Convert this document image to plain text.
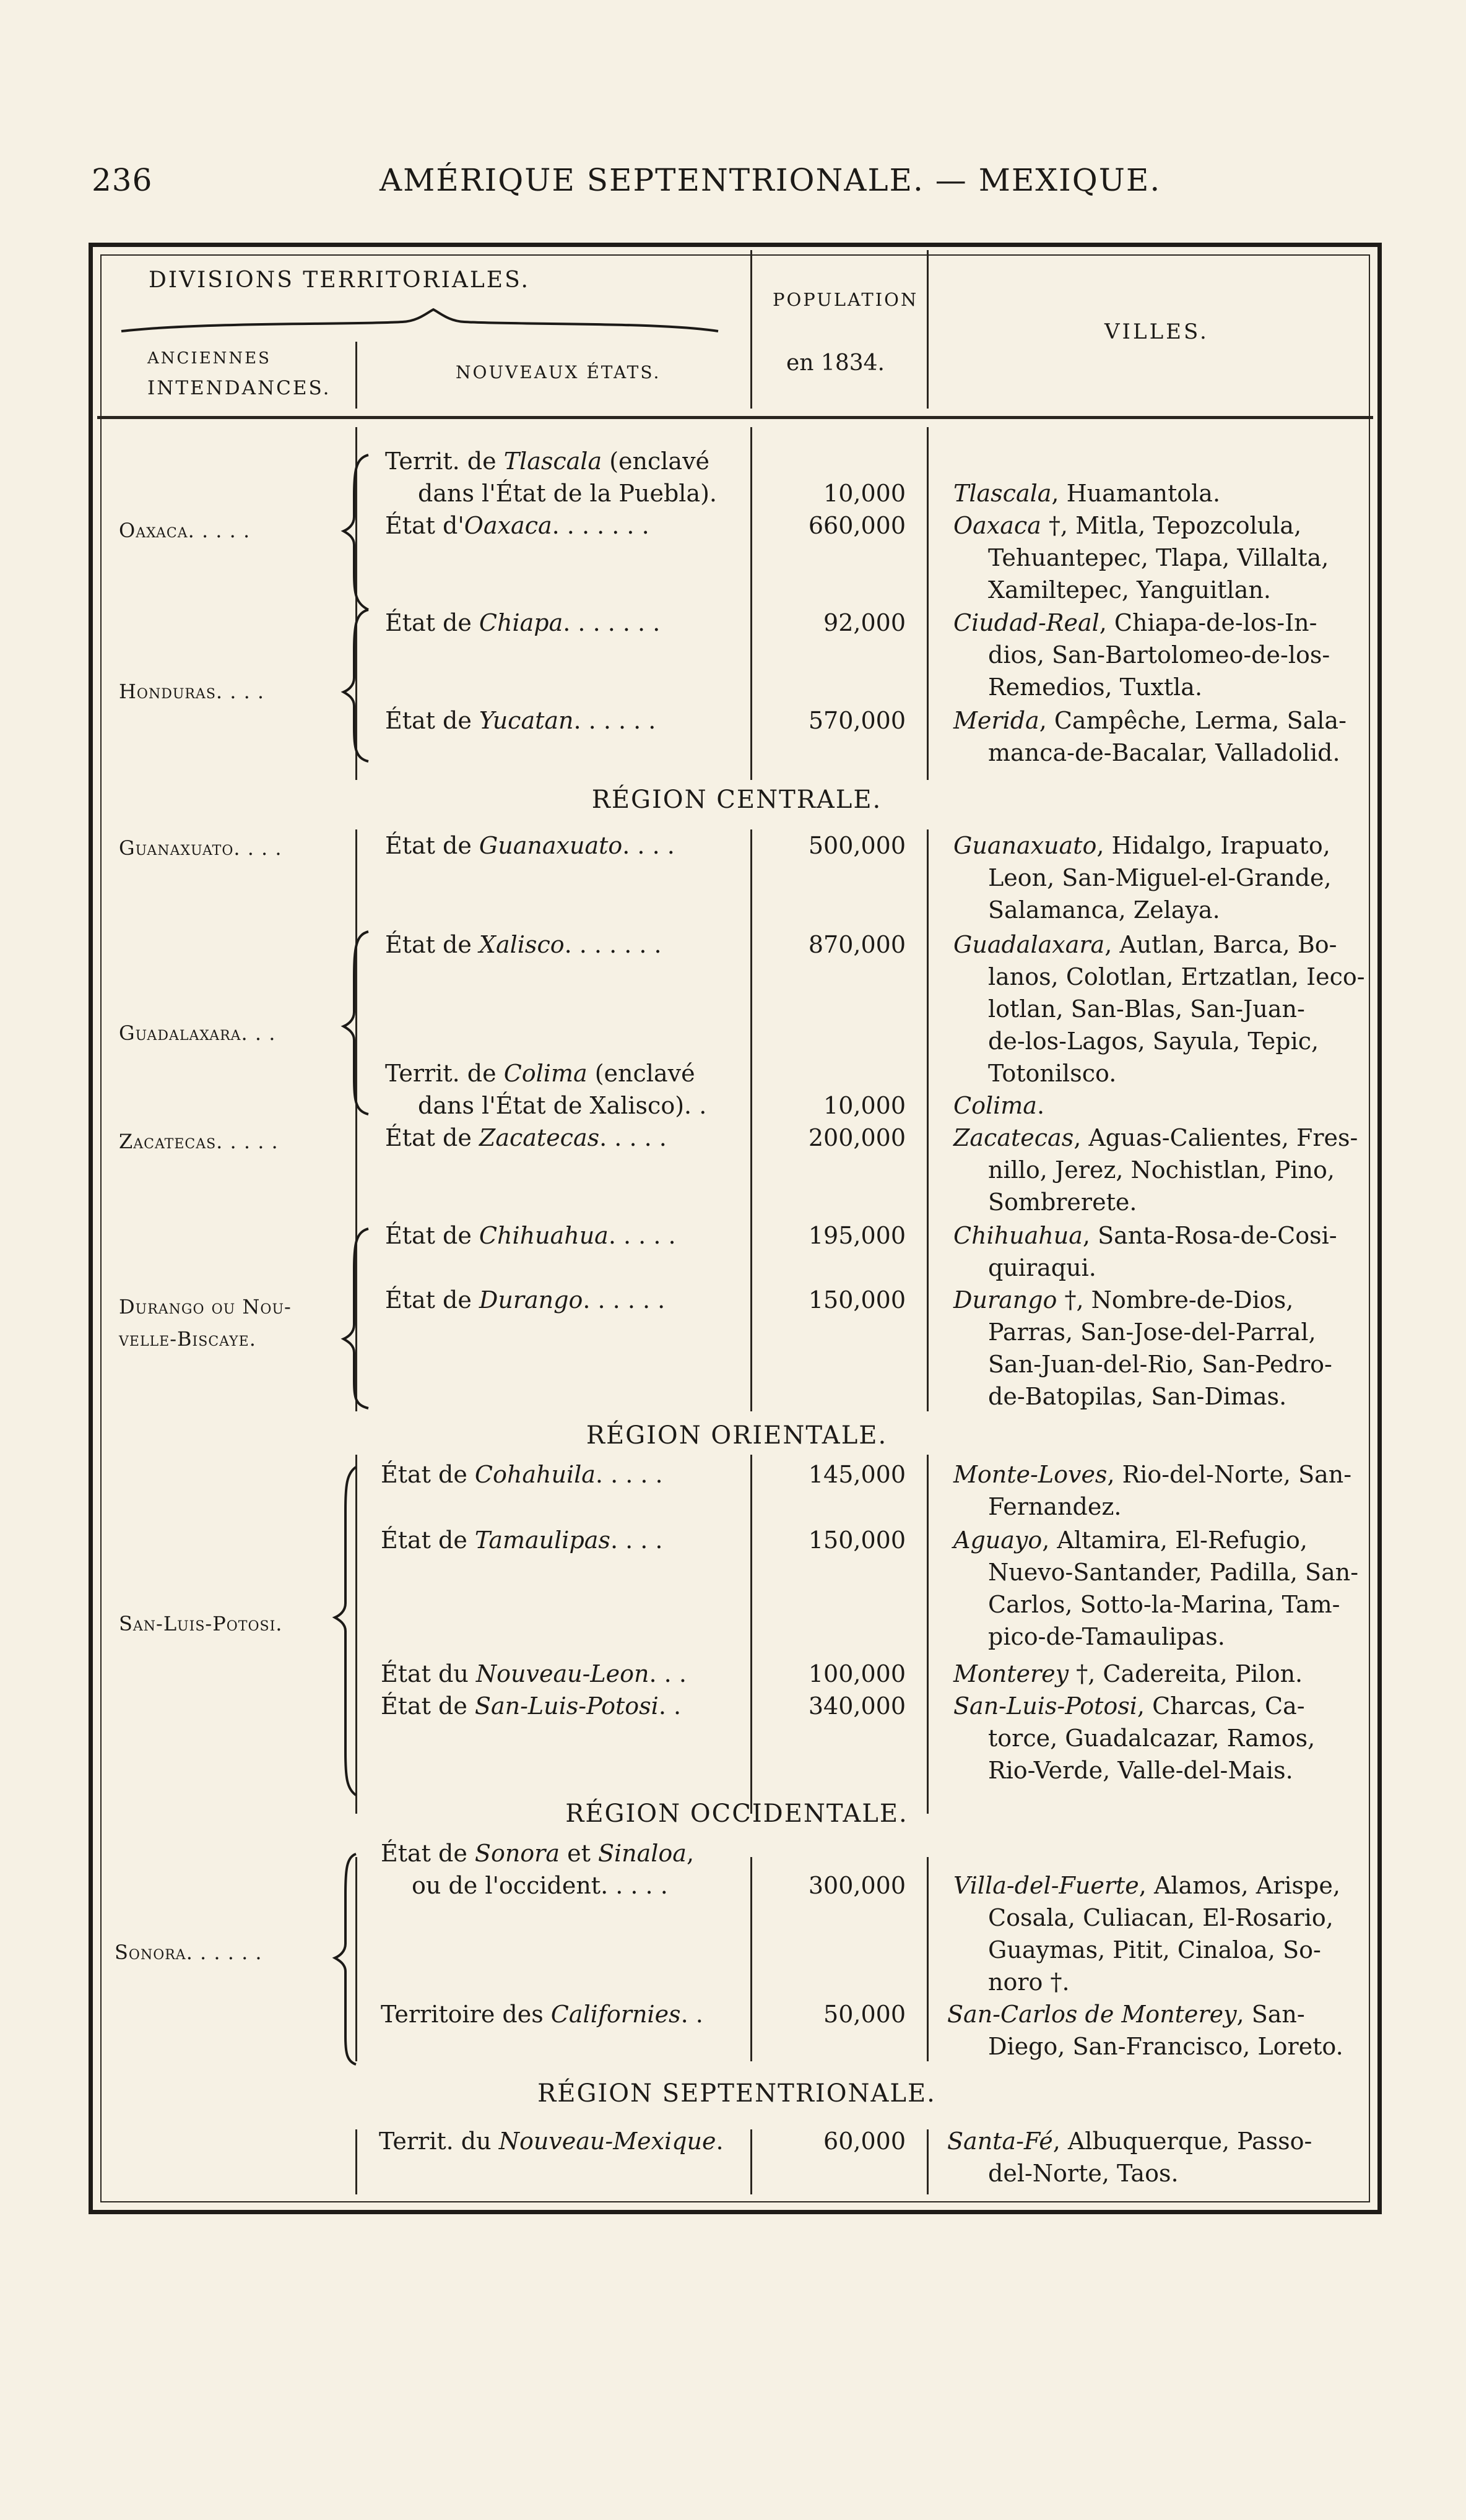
236	AMÉRIQUE SEPTENTRIONALE. — MEXIQUE.
DIVISIONS TERRITORIALES.
ANCIENNES
INTENDANCES.
NOUVEAUX ÉTATS.
POPULATION
en 1834.
VILLES.
Oaxaca. . . . .
Honduras. . . .
Territ. de Tlascala (enclavé
dans l'État de la Puebla).
État d'Oaxaca. . . . . . .
État de Chiapa. . . . . . .
État de Yucatan. . . . . .
10,000
660,000
92,000
570,000
Tlascala, Huamantola.
Oaxaca †, Mitla, Tepozcolula,
Tehuantepec, Tlapa, Villalta,
Xamiltepec, Yanguitlan.
Ciudad-Real, Chiapa-de-los-In-
dios, San-Bartolomeo-de-los-
Remedios, Tuxtla.
Merida, Campêche, Lerma, Sala-
manca-de-Bacalar, Valladolid.
RÉGION CENTRALE.
Guanaxuato. . . .
Guadalaxara. . .
Zacatecas. . . . .
Durango ou Nou-
velle-Biscaye.
État de Guanaxuato. . . .
État de Xalisco. . . . . . .
Territ. de Colima (enclavé
dans l'État de Xalisco). .
État de Zacatecas. . . . .
État de Chihuahua. . . . .
État de Durango. . . . . .
500,000
870,000
10,000
200,000
195,000
150,000
Guanaxuato, Hidalgo, Irapuato,
Leon, San-Miguel-el-Grande,
Salamanca, Zelaya.
Guadalaxara, Autlan, Barca, Bo-
lanos, Colotlan, Ertzatlan, Ieco-
lotlan, San-Blas, San-Juan-
de-los-Lagos, Sayula, Tepic,
Totonilsco.
Colima.
Zacatecas, Aguas-Calientes, Fres-
nillo, Jerez, Nochistlan, Pino,
Sombrerete.
Chihuahua, Santa-Rosa-de-Cosi-
quiraqui.
Durango †, Nombre-de-Dios,
Parras, San-Jose-del-Parral,
San-Juan-del-Rio, San-Pedro-
de-Batopilas, San-Dimas.
RÉGION ORIENTALE.
San-Luis-Potosi.
État de Cohahuila. . . . .
État de Tamaulipas. . . .
État du Nouveau-Leon. . .
État de San-Luis-Potosi. .
145,000
150,000
100,000
340,000
Monte-Loves, Rio-del-Norte, San-
Fernandez.
Aguayo, Altamira, El-Refugio,
Nuevo-Santander, Padilla, San-
Carlos, Sotto-la-Marina, Tam-
pico-de-Tamaulipas.
Monterey †, Cadereita, Pilon.
San-Luis-Potosi, Charcas, Ca-
torce, Guadalcazar, Ramos,
Rio-Verde, Valle-del-Mais.
RÉGION OCCIDENTALE.
Sonora. . . . . .
État de Sonora et Sinaloa,
ou de l'occident. . . . .
Territoire des Californies. .
300,000
50,000
Villa-del-Fuerte, Alamos, Arispe,
Cosala, Culiacan, El-Rosario,
Guaymas, Pitit, Cinaloa, So-
noro †.
San-Carlos de Monterey, San-
Diego, San-Francisco, Loreto.
RÉGION SEPTENTRIONALE.
Territ. du Nouveau-Mexique.	60,000 Santa-Fé, Albuquerque, Passo-
del-Norte, Taos.
